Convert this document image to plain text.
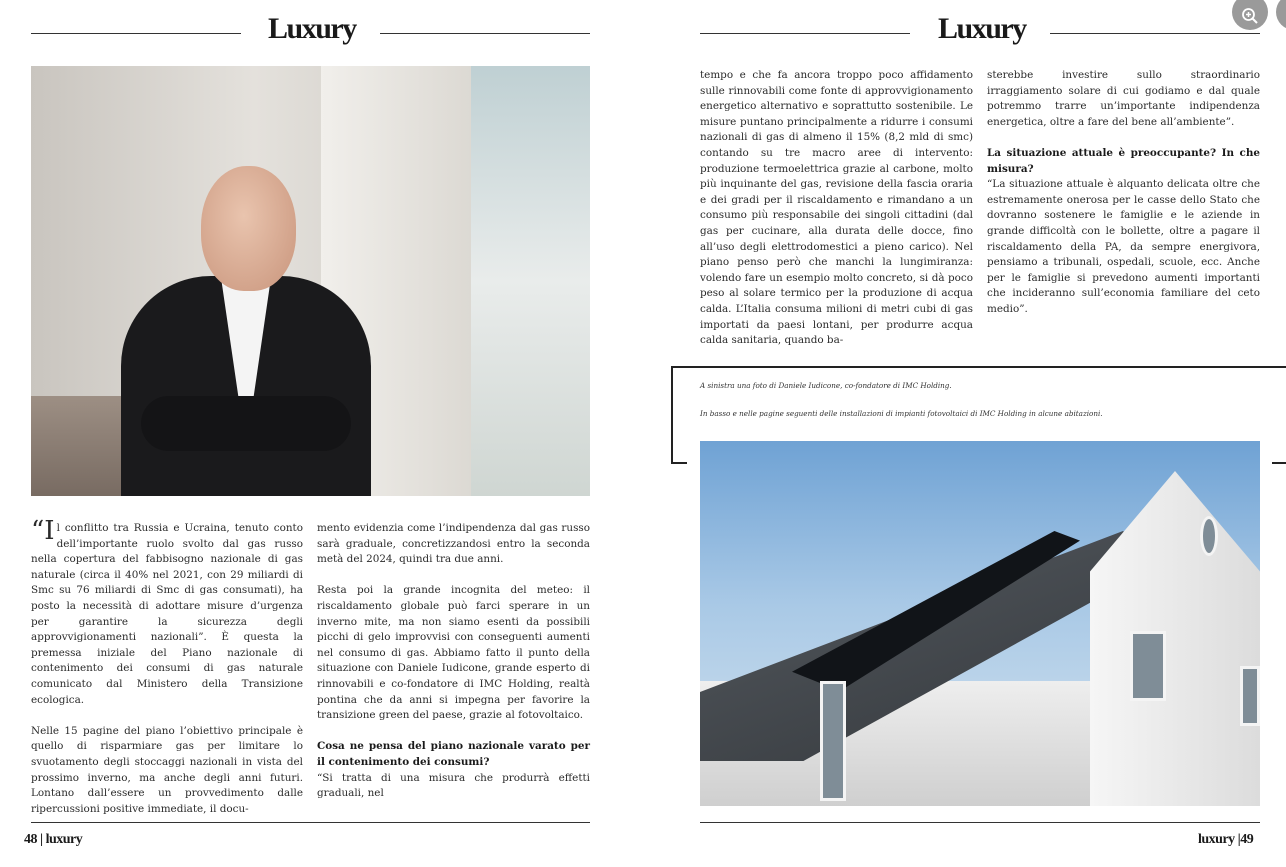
Luxury	Luxury

“Il conflitto tra Russia e Ucraina, tenuto conto dell’importante ruolo svolto dal gas russo nella copertura del fabbisogno nazionale di gas naturale (circa il 40% nel 2021, con 29 miliardi di Smc su 76 miliardi di Smc di gas consumati), ha posto la necessità di adottare misure d’urgenza per garantire la sicurezza degli approvvigionamenti nazionali”. È questa la premessa iniziale del Piano nazionale di contenimento dei consumi di gas naturale comunicato dal Ministero della Transizione ecologica.

Nelle 15 pagine del piano l’obiettivo principale è quello di risparmiare gas per limitare lo svuotamento degli stoccaggi nazionali in vista del prossimo inverno, ma anche degli anni futuri. Lontano dall’essere un provvedimento dalle ripercussioni positive immediate, il docu-

mento evidenzia come l’indipendenza dal gas russo sarà graduale, concretizzandosi entro la seconda metà del 2024, quindi tra due anni.

Resta poi la grande incognita del meteo: il riscaldamento globale può farci sperare in un inverno mite, ma non siamo esenti da possibili picchi di gelo improvvisi con conseguenti aumenti nel consumo di gas. Abbiamo fatto il punto della situazione con Daniele Iudicone, grande esperto di rinnovabili e co-fondatore di IMC Holding, realtà pontina che da anni si impegna per favorire la transizione green del paese, grazie al fotovoltaico.

Cosa ne pensa del piano nazionale varato per il contenimento dei consumi?
“Si tratta di una misura che produrrà effetti graduali, nel

tempo e che fa ancora troppo poco affidamento sulle rinnovabili come fonte di approvvigionamento energetico alternativo e soprattutto sostenibile. Le misure puntano principalmente a ridurre i consumi nazionali di gas di almeno il 15% (8,2 mld di smc) contando su tre macro aree di intervento: produzione termoelettrica grazie al carbone, molto più inquinante del gas, revisione della fascia oraria e dei gradi per il riscaldamento e rimandano a un consumo più responsabile dei singoli cittadini (dal gas per cucinare, alla durata delle docce, fino all’uso degli elettrodomestici a pieno carico). Nel piano penso però che manchi la lungimiranza: volendo fare un esempio molto concreto, si dà poco peso al solare termico per la produzione di acqua calda. L’Italia consuma milioni di metri cubi di gas importati da paesi lontani, per produrre acqua calda sanitaria, quando ba-

sterebbe investire sullo straordinario irraggiamento solare di cui godiamo e dal quale potremmo trarre un’importante indipendenza energetica, oltre a fare del bene all’ambiente”.

La situazione attuale è preoccupante? In che misura?
“La situazione attuale è alquanto delicata oltre che estremamente onerosa per le casse dello Stato che dovranno sostenere le famiglie e le aziende in grande difficoltà con le bollette, oltre a pagare il riscaldamento della PA, da sempre energivora, pensiamo a tribunali, ospedali, scuole, ecc. Anche per le famiglie si prevedono aumenti importanti che incideranno sull’economia familiare del ceto medio”.
A sinistra una foto di Daniele Iudicone, co-fondatore di IMC Holding.
In basso e nelle pagine seguenti delle installazioni di impianti fotovoltaici di IMC Holding in alcune abitazioni.
48 | luxury	luxury |49
